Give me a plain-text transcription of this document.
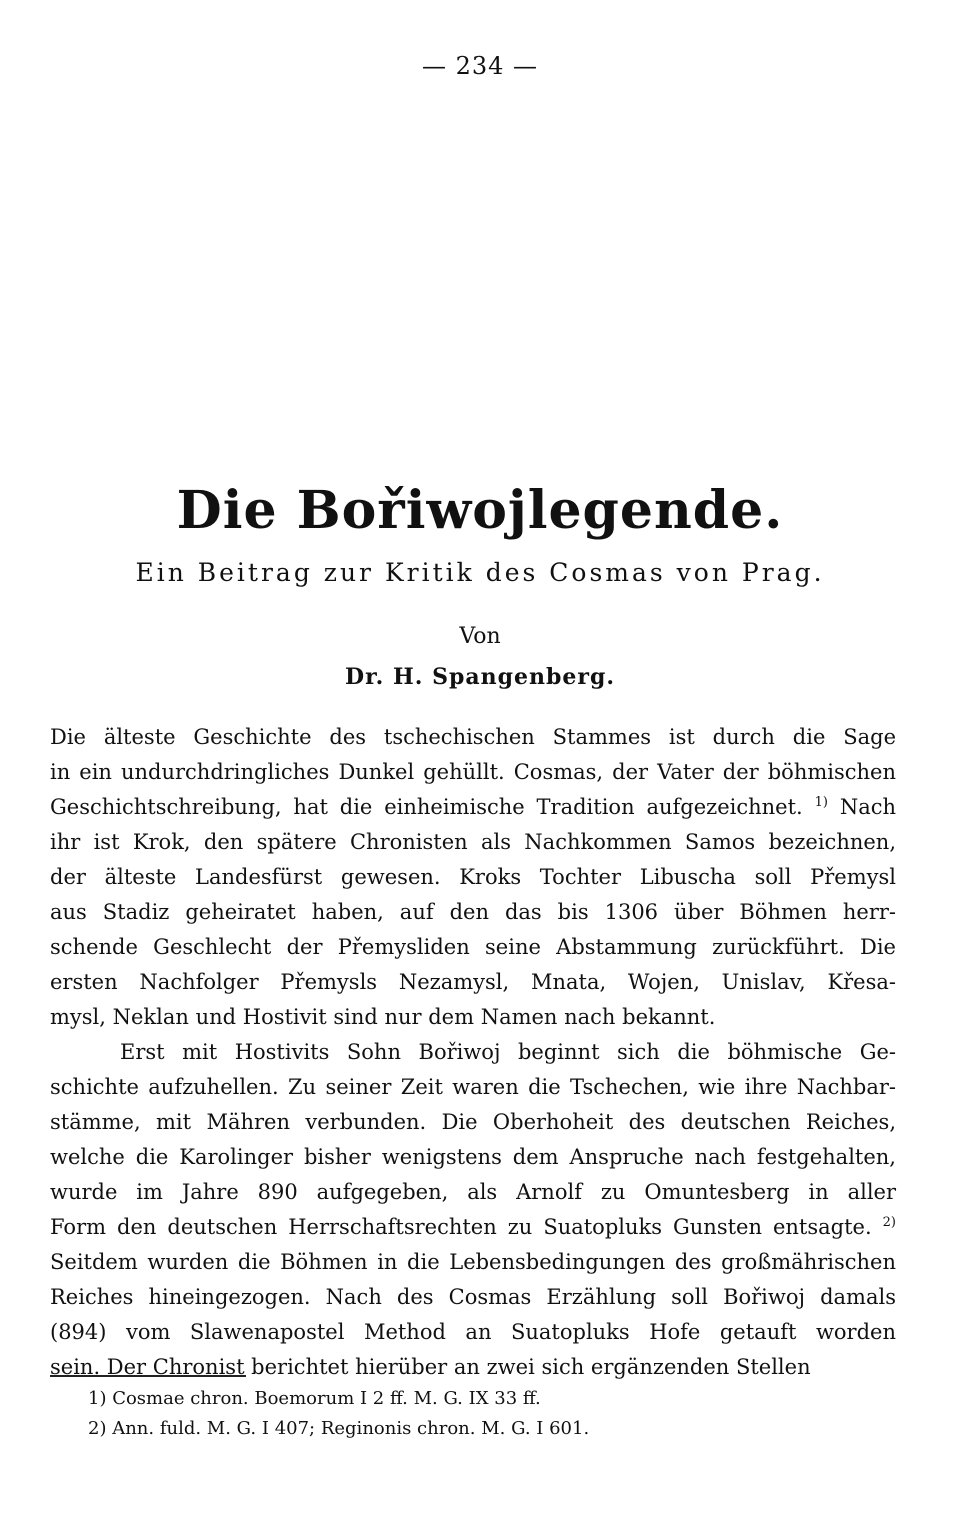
— 234 —
Die Bořiwojlegende.
Ein Beitrag zur Kritik des Cosmas von Prag.
Von
Dr. H. Spangenberg.
Die älteste Geschichte des tschechischen Stammes ist durch die Sage
in ein undurchdringliches Dunkel gehüllt. Cosmas, der Vater der böhmischen
Geschichtschreibung, hat die einheimische Tradition aufgezeichnet. $^{1)}$ Nach
ihr ist Krok, den spätere Chronisten als Nachkommen Samos bezeichnen,
der älteste Landesfürst gewesen. Kroks Tochter Libuscha soll Přemysl
aus Stadiz geheiratet haben, auf den das bis 1306 über Böhmen herr-
schende Geschlecht der Přemysliden seine Abstammung zurückführt. Die
ersten Nachfolger Přemysls Nezamysl, Mnata, Wojen, Unislav, Křesa-
mysl, Neklan und Hostivit sind nur dem Namen nach bekannt.
Erst mit Hostivits Sohn Bořiwoj beginnt sich die böhmische Ge-
schichte aufzuhellen. Zu seiner Zeit waren die Tschechen, wie ihre Nachbar-
stämme, mit Mähren verbunden. Die Oberhoheit des deutschen Reiches,
welche die Karolinger bisher wenigstens dem Anspruche nach festgehalten,
wurde im Jahre 890 aufgegeben, als Arnolf zu Omuntesberg in aller
Form den deutschen Herrschaftsrechten zu Suatopluks Gunsten entsagte. $^{2)}$
Seitdem wurden die Böhmen in die Lebensbedingungen des großmährischen
Reiches hineingezogen. Nach des Cosmas Erzählung soll Bořiwoj damals
(894) vom Slawenapostel Method an Suatopluks Hofe getauft worden
sein. Der Chronist berichtet hierüber an zwei sich ergänzenden Stellen
1) Cosmae chron. Boemorum I 2 ff. M. G. IX 33 ff.
2) Ann. fuld. M. G. I 407; Reginonis chron. M. G. I 601.
